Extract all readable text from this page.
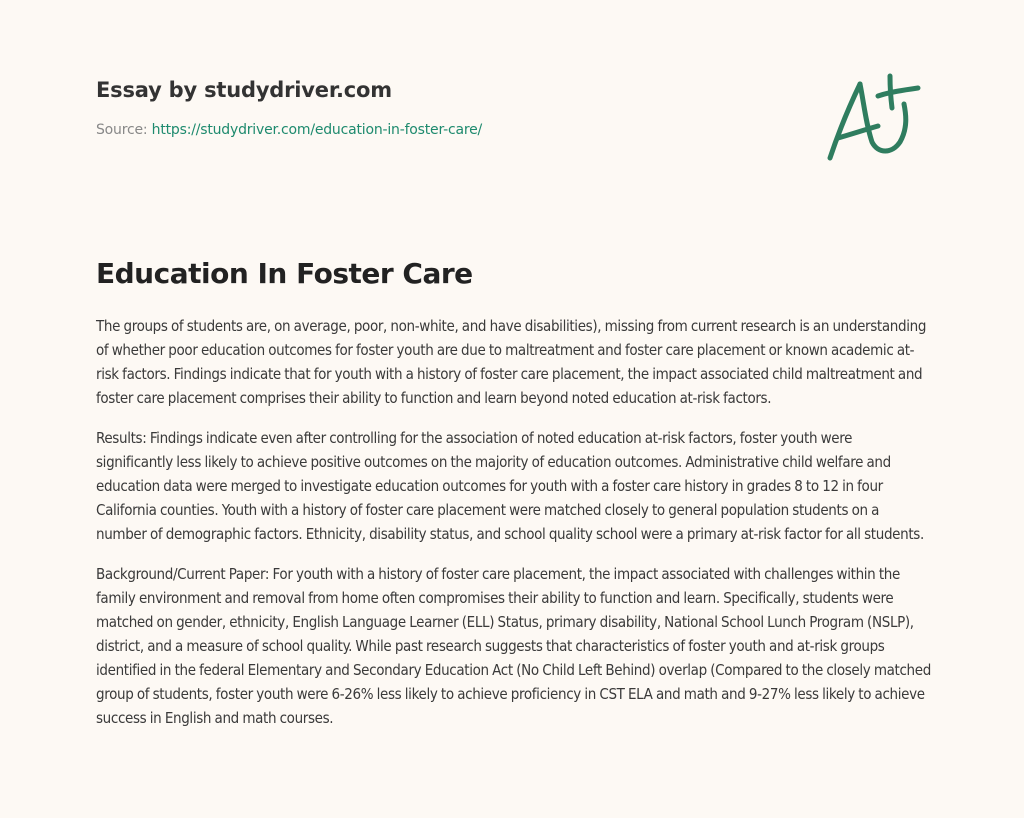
Essay by studydriver.com
Source: https://studydriver.com/education-in-foster-care/
Education In Foster Care

The groups of students are, on average, poor, non-white, and have disabilities), missing from current research is an understanding of whether poor education outcomes for foster youth are due to maltreatment and foster care placement or known academic at-risk factors. Findings indicate that for youth with a history of foster care placement, the impact associated child maltreatment and foster care placement comprises their ability to function and learn beyond noted education at-risk factors.

Results: Findings indicate even after controlling for the association of noted education at-risk factors, foster youth were significantly less likely to achieve positive outcomes on the majority of education outcomes. Administrative child welfare and education data were merged to investigate education outcomes for youth with a foster care history in grades 8 to 12 in four California counties. Youth with a history of foster care placement were matched closely to general population students on a number of demographic factors. Ethnicity, disability status, and school quality school were a primary at-risk factor for all students.

Background/Current Paper: For youth with a history of foster care placement, the impact associated with challenges within the family environment and removal from home often compromises their ability to function and learn. Specifically, students were matched on gender, ethnicity, English Language Learner (ELL) Status, primary disability, National School Lunch Program (NSLP), district, and a measure of school quality. While past research suggests that characteristics of foster youth and at-risk groups identified in the federal Elementary and Secondary Education Act (No Child Left Behind) overlap (Compared to the closely matched group of students, foster youth were 6-26% less likely to achieve proficiency in CST ELA and math and 9-27% less likely to achieve success in English and math courses.
